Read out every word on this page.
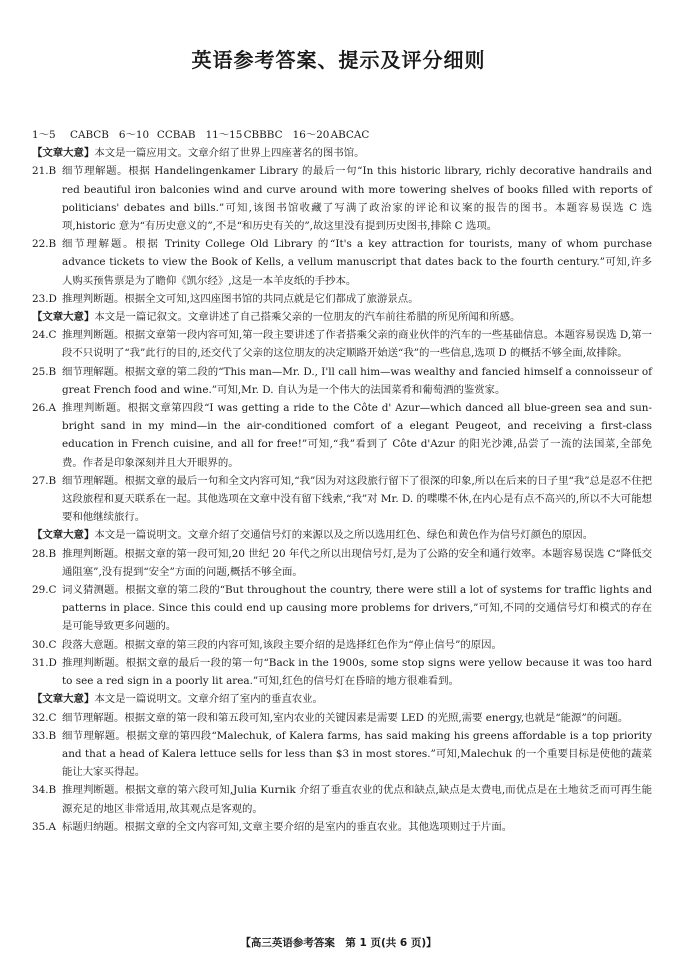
英语参考答案、提示及评分细则
1～5 CABCB 6～10 CCBAB 11～15CBBBC 16～20ABCAC
【文章大意】本文是一篇应用文。文章介绍了世界上四座著名的图书馆。
21.B 细节理解题。根据 Handelingenkamer Library 的最后一句“In this historic library, richly decorative handrails and red beautiful iron balconies wind and curve around with more towering shelves of books filled with reports of politicians' debates and bills.”可知,该图书馆收藏了写满了政治家的评论和议案的报告的图书。本题容易误选 C 选项,historic 意为“有历史意义的”,不是“和历史有关的”,故这里没有提到历史图书,排除 C 选项。
22.B 细节理解题。根据 Trinity College Old Library 的“It's a key attraction for tourists, many of whom purchase advance tickets to view the Book of Kells, a vellum manuscript that dates back to the fourth century.”可知,许多人购买预售票是为了瞻仰《凯尔经》,这是一本羊皮纸的手抄本。
23.D 推理判断题。根据全文可知,这四座图书馆的共同点就是它们都成了旅游景点。
【文章大意】本文是一篇记叙文。文章讲述了自己搭乘父亲的一位朋友的汽车前往希腊的所见所闻和所感。
24.C 推理判断题。根据文章第一段内容可知,第一段主要讲述了作者搭乘父亲的商业伙伴的汽车的一些基础信息。本题容易误选 D,第一段不只说明了“我”此行的目的,还交代了父亲的这位朋友的决定顺路开始送“我”的一些信息,选项 D 的概括不够全面,故排除。
25.B 细节理解题。根据文章的第二段的“This man—Mr. D., I'll call him—was wealthy and fancied himself a connoisseur of great French food and wine.”可知,Mr. D. 自认为是一个伟大的法国菜肴和葡萄酒的鉴赏家。
26.A 推理判断题。根据文章第四段“I was getting a ride to the Côte d' Azur—which danced all blue-green sea and sun-bright sand in my mind—in the air-conditioned comfort of a elegant Peugeot, and receiving a first-class education in French cuisine, and all for free!”可知,“我”看到了 Côte d'Azur 的阳光沙滩,品尝了一流的法国菜,全部免费。作者是印象深刻并且大开眼界的。
27.B 细节理解题。根据文章的最后一句和全文内容可知,“我”因为对这段旅行留下了很深的印象,所以在后来的日子里“我”总是忍不住把这段旅程和夏天联系在一起。其他选项在文章中没有留下线索,“我”对 Mr. D. 的喋喋不休,在内心是有点不高兴的,所以不大可能想要和他继续旅行。
【文章大意】本文是一篇说明文。文章介绍了交通信号灯的来源以及之所以选用红色、绿色和黄色作为信号灯颜色的原因。
28.B 推理判断题。根据文章的第一段可知,20 世纪 20 年代之所以出现信号灯,是为了公路的安全和通行效率。本题容易误选 C“降低交通阻塞”,没有提到“安全”方面的问题,概括不够全面。
29.C 词义猜测题。根据文章的第二段的“But throughout the country, there were still a lot of systems for traffic lights and patterns in place. Since this could end up causing more problems for drivers,”可知,不同的交通信号灯和模式的存在是可能导致更多问题的。
30.C 段落大意题。根据文章的第三段的内容可知,该段主要介绍的是选择红色作为“停止信号”的原因。
31.D 推理判断题。根据文章的最后一段的第一句“Back in the 1900s, some stop signs were yellow because it was too hard to see a red sign in a poorly lit area.”可知,红色的信号灯在昏暗的地方很难看到。
【文章大意】本文是一篇说明文。文章介绍了室内的垂直农业。
32.C 细节理解题。根据文章的第一段和第五段可知,室内农业的关键因素是需要 LED 的光照,需要 energy,也就是“能源”的问题。
33.B 细节理解题。根据文章的第四段“Malechuk, of Kalera farms, has said making his greens affordable is a top priority and that a head of Kalera lettuce sells for less than $3 in most stores.”可知,Malechuk 的一个重要目标是使他的蔬菜能让大家买得起。
34.B 推理判断题。根据文章的第六段可知,Julia Kurnik 介绍了垂直农业的优点和缺点,缺点是太费电,而优点是在土地贫乏而可再生能源充足的地区非常适用,故其观点是客观的。
35.A 标题归纳题。根据文章的全文内容可知,文章主要介绍的是室内的垂直农业。其他选项则过于片面。
【高三英语参考答案　第 1 页(共 6 页)】
